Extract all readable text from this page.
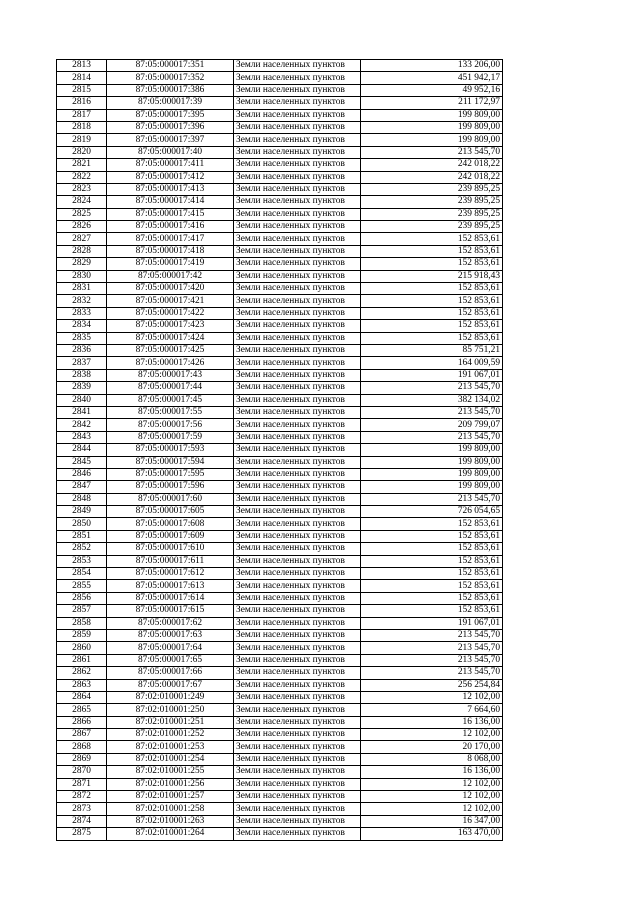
2813	87:05:000017:351	Земли населенных пунктов	133 206,00
2814	87:05:000017:352	Земли населенных пунктов	451 942,17
2815	87:05:000017:386	Земли населенных пунктов	49 952,16
2816	87:05:000017:39	Земли населенных пунктов	211 172,97
2817	87:05:000017:395	Земли населенных пунктов	199 809,00
2818	87:05:000017:396	Земли населенных пунктов	199 809,00
2819	87:05:000017:397	Земли населенных пунктов	199 809,00
2820	87:05:000017:40	Земли населенных пунктов	213 545,70
2821	87:05:000017:411	Земли населенных пунктов	242 018,22
2822	87:05:000017:412	Земли населенных пунктов	242 018,22
2823	87:05:000017:413	Земли населенных пунктов	239 895,25
2824	87:05:000017:414	Земли населенных пунктов	239 895,25
2825	87:05:000017:415	Земли населенных пунктов	239 895,25
2826	87:05:000017:416	Земли населенных пунктов	239 895,25
2827	87:05:000017:417	Земли населенных пунктов	152 853,61
2828	87:05:000017:418	Земли населенных пунктов	152 853,61
2829	87:05:000017:419	Земли населенных пунктов	152 853,61
2830	87:05:000017:42	Земли населенных пунктов	215 918,43
2831	87:05:000017:420	Земли населенных пунктов	152 853,61
2832	87:05:000017:421	Земли населенных пунктов	152 853,61
2833	87:05:000017:422	Земли населенных пунктов	152 853,61
2834	87:05:000017:423	Земли населенных пунктов	152 853,61
2835	87:05:000017:424	Земли населенных пунктов	152 853,61
2836	87:05:000017:425	Земли населенных пунктов	85 751,21
2837	87:05:000017:426	Земли населенных пунктов	164 009,59
2838	87:05:000017:43	Земли населенных пунктов	191 067,01
2839	87:05:000017:44	Земли населенных пунктов	213 545,70
2840	87:05:000017:45	Земли населенных пунктов	382 134,02
2841	87:05:000017:55	Земли населенных пунктов	213 545,70
2842	87:05:000017:56	Земли населенных пунктов	209 799,07
2843	87:05:000017:59	Земли населенных пунктов	213 545,70
2844	87:05:000017:593	Земли населенных пунктов	199 809,00
2845	87:05:000017:594	Земли населенных пунктов	199 809,00
2846	87:05:000017:595	Земли населенных пунктов	199 809,00
2847	87:05:000017:596	Земли населенных пунктов	199 809,00
2848	87:05:000017:60	Земли населенных пунктов	213 545,70
2849	87:05:000017:605	Земли населенных пунктов	726 054,65
2850	87:05:000017:608	Земли населенных пунктов	152 853,61
2851	87:05:000017:609	Земли населенных пунктов	152 853,61
2852	87:05:000017:610	Земли населенных пунктов	152 853,61
2853	87:05:000017:611	Земли населенных пунктов	152 853,61
2854	87:05:000017:612	Земли населенных пунктов	152 853,61
2855	87:05:000017:613	Земли населенных пунктов	152 853,61
2856	87:05:000017:614	Земли населенных пунктов	152 853,61
2857	87:05:000017:615	Земли населенных пунктов	152 853,61
2858	87:05:000017:62	Земли населенных пунктов	191 067,01
2859	87:05:000017:63	Земли населенных пунктов	213 545,70
2860	87:05:000017:64	Земли населенных пунктов	213 545,70
2861	87:05:000017:65	Земли населенных пунктов	213 545,70
2862	87:05:000017:66	Земли населенных пунктов	213 545,70
2863	87:05:000017:67	Земли населенных пунктов	256 254,84
2864	87:02:010001:249	Земли населенных пунктов	12 102,00
2865	87:02:010001:250	Земли населенных пунктов	7 664,60
2866	87:02:010001:251	Земли населенных пунктов	16 136,00
2867	87:02:010001:252	Земли населенных пунктов	12 102,00
2868	87:02:010001:253	Земли населенных пунктов	20 170,00
2869	87:02:010001:254	Земли населенных пунктов	8 068,00
2870	87:02:010001:255	Земли населенных пунктов	16 136,00
2871	87:02:010001:256	Земли населенных пунктов	12 102,00
2872	87:02:010001:257	Земли населенных пунктов	12 102,00
2873	87:02:010001:258	Земли населенных пунктов	12 102,00
2874	87:02:010001:263	Земли населенных пунктов	16 347,00
2875	87:02:010001:264	Земли населенных пунктов	163 470,00
